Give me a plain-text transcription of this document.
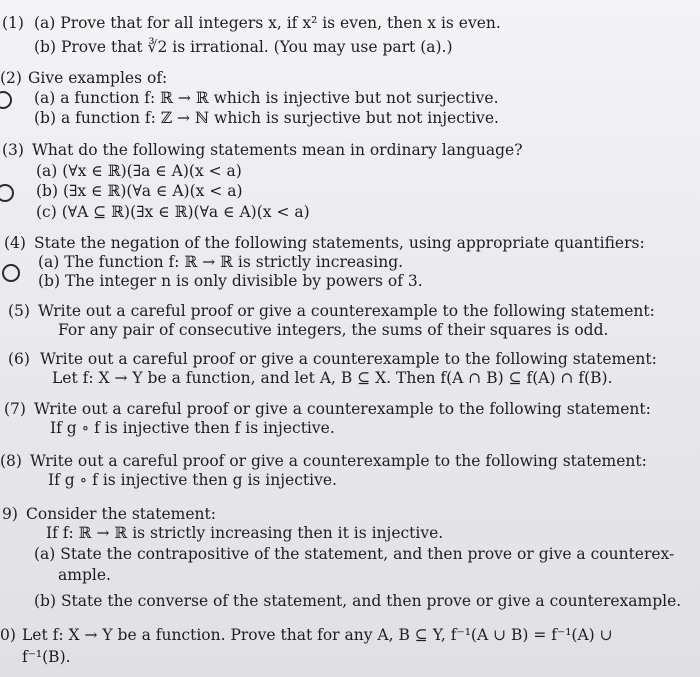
(1) (a) Prove that for all integers x, if x² is even, then x is even.
(b) Prove that ∛2 is irrational. (You may use part (a).)
(2) Give examples of:
(a) a function f: ℝ → ℝ which is injective but not surjective.
(b) a function f: ℤ → ℕ which is surjective but not injective.
(3) What do the following statements mean in ordinary language?
(a) (∀x ∈ ℝ)(∃a ∈ A)(x < a)
(b) (∃x ∈ ℝ)(∀a ∈ A)(x < a)
(c) (∀A ⊆ ℝ)(∃x ∈ ℝ)(∀a ∈ A)(x < a)
(4) State the negation of the following statements, using appropriate quantifiers:
(a) The function f: ℝ → ℝ is strictly increasing.
(b) The integer n is only divisible by powers of 3.
(5) Write out a careful proof or give a counterexample to the following statement:
For any pair of consecutive integers, the sums of their squares is odd.
(6) Write out a careful proof or give a counterexample to the following statement:
Let f: X → Y be a function, and let A, B ⊆ X. Then f(A ∩ B) ⊆ f(A) ∩ f(B).
(7) Write out a careful proof or give a counterexample to the following statement:
If g ∘ f is injective then f is injective.
(8) Write out a careful proof or give a counterexample to the following statement:
If g ∘ f is injective then g is injective.
9) Consider the statement:
If f: ℝ → ℝ is strictly increasing then it is injective.
(a) State the contrapositive of the statement, and then prove or give a counterex-
ample.
(b) State the converse of the statement, and then prove or give a counterexample.
0) Let f: X → Y be a function. Prove that for any A, B ⊆ Y, f⁻¹(A ∪ B) = f⁻¹(A) ∪
f⁻¹(B).
